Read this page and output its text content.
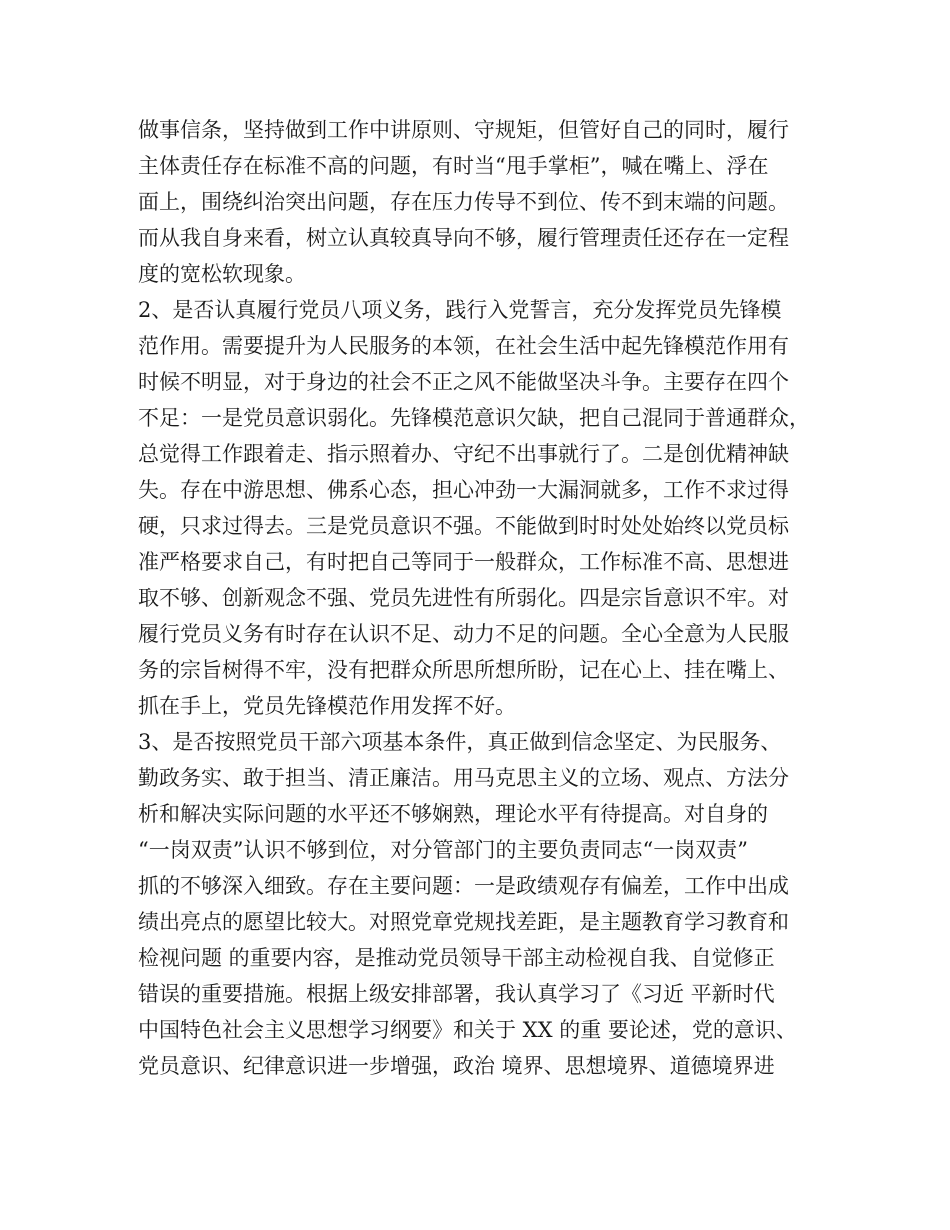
做事信条，坚持做到工作中讲原则、守规矩，但管好自己的同时，履行
主体责任存在标准不高的问题，有时当“甩手掌柜”，喊在嘴上、浮在
面上，围绕纠治突出问题，存在压力传导不到位、传不到末端的问题。
而从我自身来看，树立认真较真导向不够，履行管理责任还存在一定程
度的宽松软现象。
2、是否认真履行党员八项义务，践行入党誓言，充分发挥党员先锋模
范作用。需要提升为人民服务的本领，在社会生活中起先锋模范作用有
时候不明显，对于身边的社会不正之风不能做坚决斗争。主要存在四个
不足：一是党员意识弱化。先锋模范意识欠缺，把自己混同于普通群众，
总觉得工作跟着走、指示照着办、守纪不出事就行了。二是创优精神缺
失。存在中游思想、佛系心态，担心冲劲一大漏洞就多，工作不求过得
硬，只求过得去。三是党员意识不强。不能做到时时处处始终以党员标
准严格要求自己，有时把自己等同于一般群众，工作标准不高、思想进
取不够、创新观念不强、党员先进性有所弱化。四是宗旨意识不牢。对
履行党员义务有时存在认识不足、动力不足的问题。全心全意为人民服
务的宗旨树得不牢，没有把群众所思所想所盼，记在心上、挂在嘴上、
抓在手上，党员先锋模范作用发挥不好。
3、是否按照党员干部六项基本条件，真正做到信念坚定、为民服务、
勤政务实、敢于担当、清正廉洁。用马克思主义的立场、观点、方法分
析和解决实际问题的水平还不够娴熟，理论水平有待提高。对自身的
“一岗双责”认识不够到位，对分管部门的主要负责同志“一岗双责”
抓的不够深入细致。存在主要问题：一是政绩观存有偏差，工作中出成
绩出亮点的愿望比较大。对照党章党规找差距，是主题教育学习教育和
检视问题 的重要内容，是推动党员领导干部主动检视自我、自觉修正
错误的重要措施。根据上级安排部署，我认真学习了《习近 平新时代
中国特色社会主义思想学习纲要》和关于 XX 的重 要论述，党的意识、
党员意识、纪律意识进一步增强，政治 境界、思想境界、道德境界进
